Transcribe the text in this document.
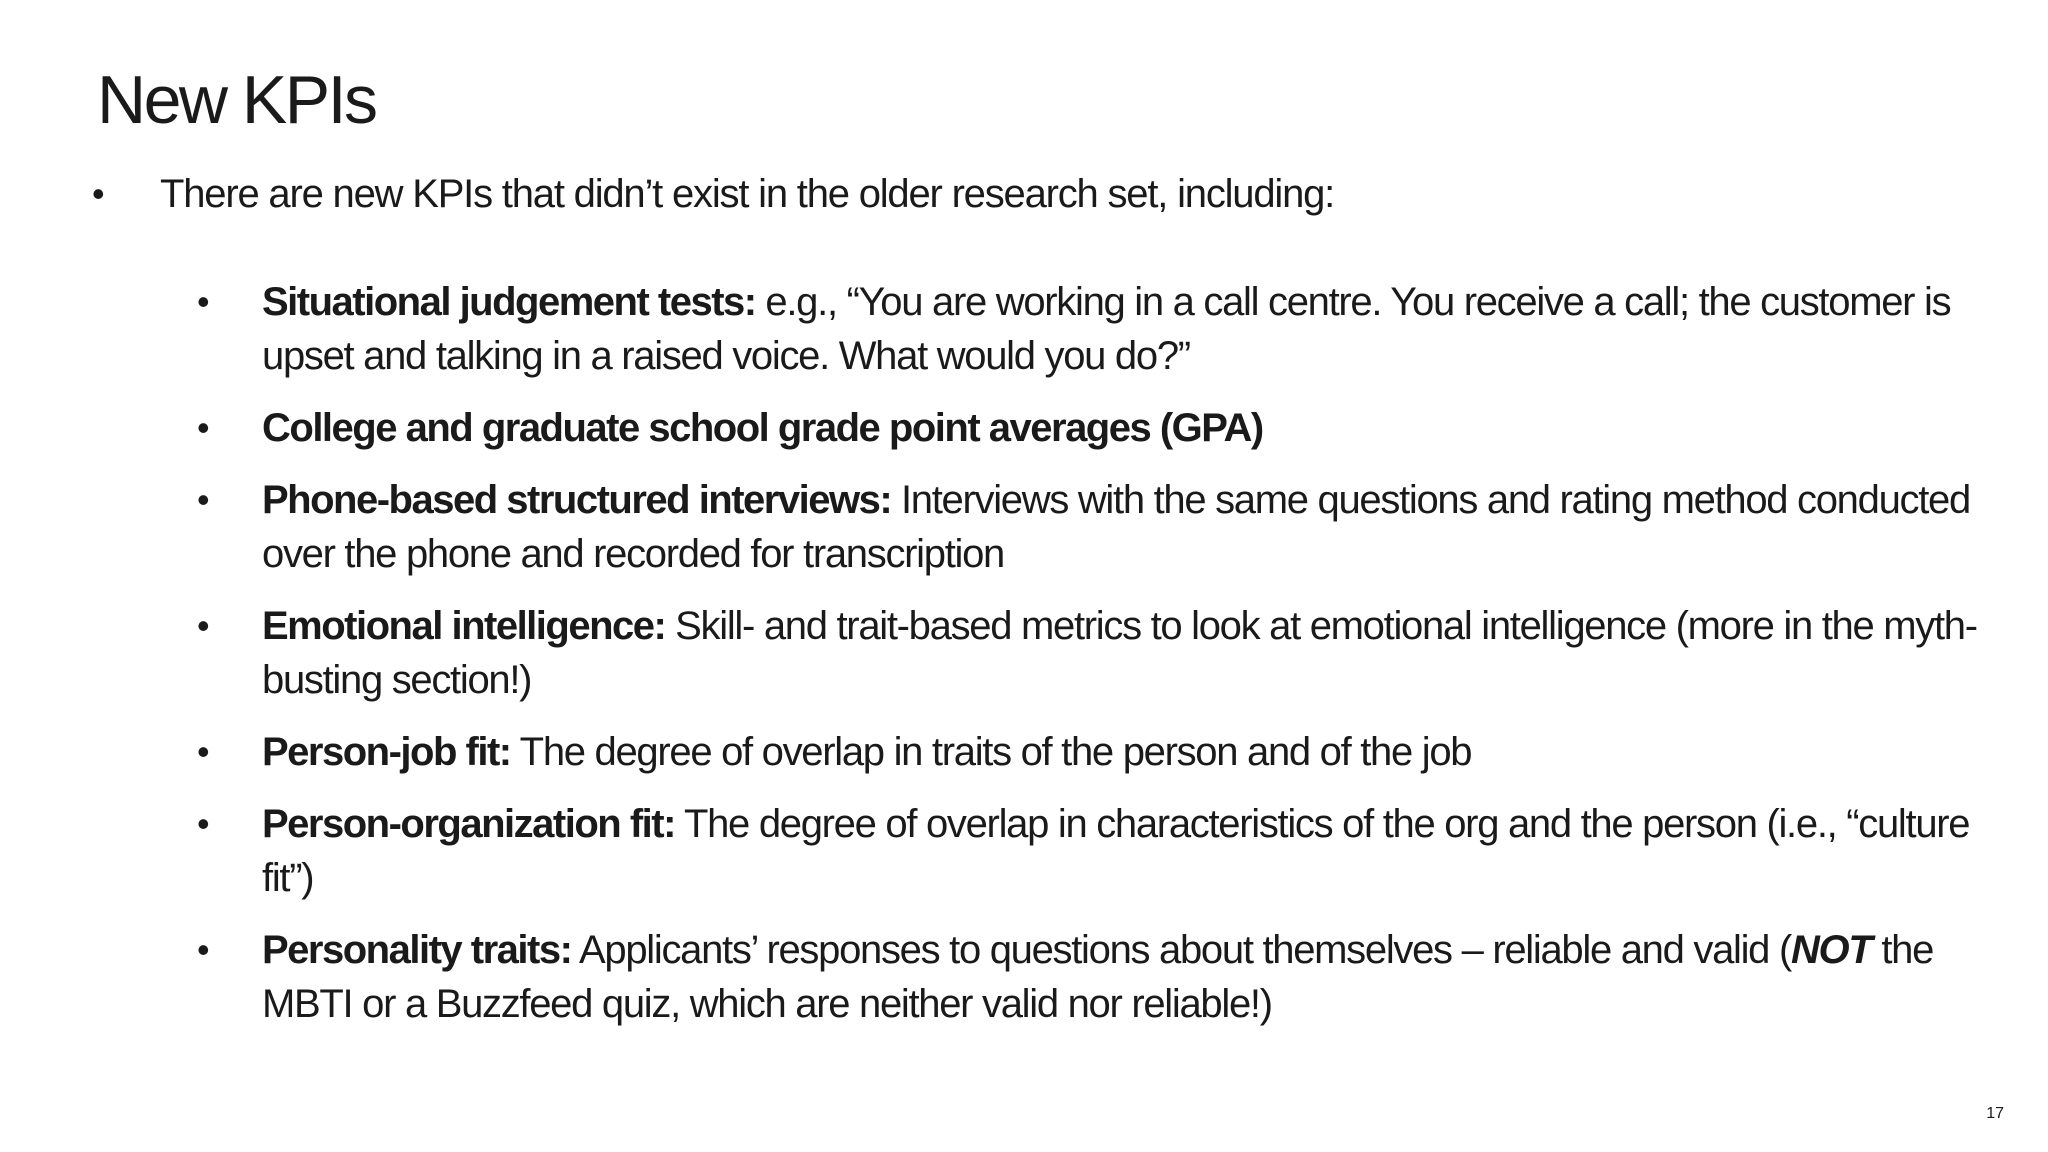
New KPIs
• There are new KPIs that didn’t exist in the older research set, including:
• Situational judgement tests: e.g., “You are working in a call centre. You receive a call; the customer is upset and talking in a raised voice. What would you do?”
• College and graduate school grade point averages (GPA)
• Phone-based structured interviews: Interviews with the same questions and rating method conducted over the phone and recorded for transcription
• Emotional intelligence: Skill- and trait-based metrics to look at emotional intelligence (more in the myth-busting section!)
• Person-job fit: The degree of overlap in traits of the person and of the job
• Person-organization fit: The degree of overlap in characteristics of the org and the person (i.e., “culture fit”)
• Personality traits: Applicants’ responses to questions about themselves – reliable and valid (NOT the MBTI or a Buzzfeed quiz, which are neither valid nor reliable!)
17
